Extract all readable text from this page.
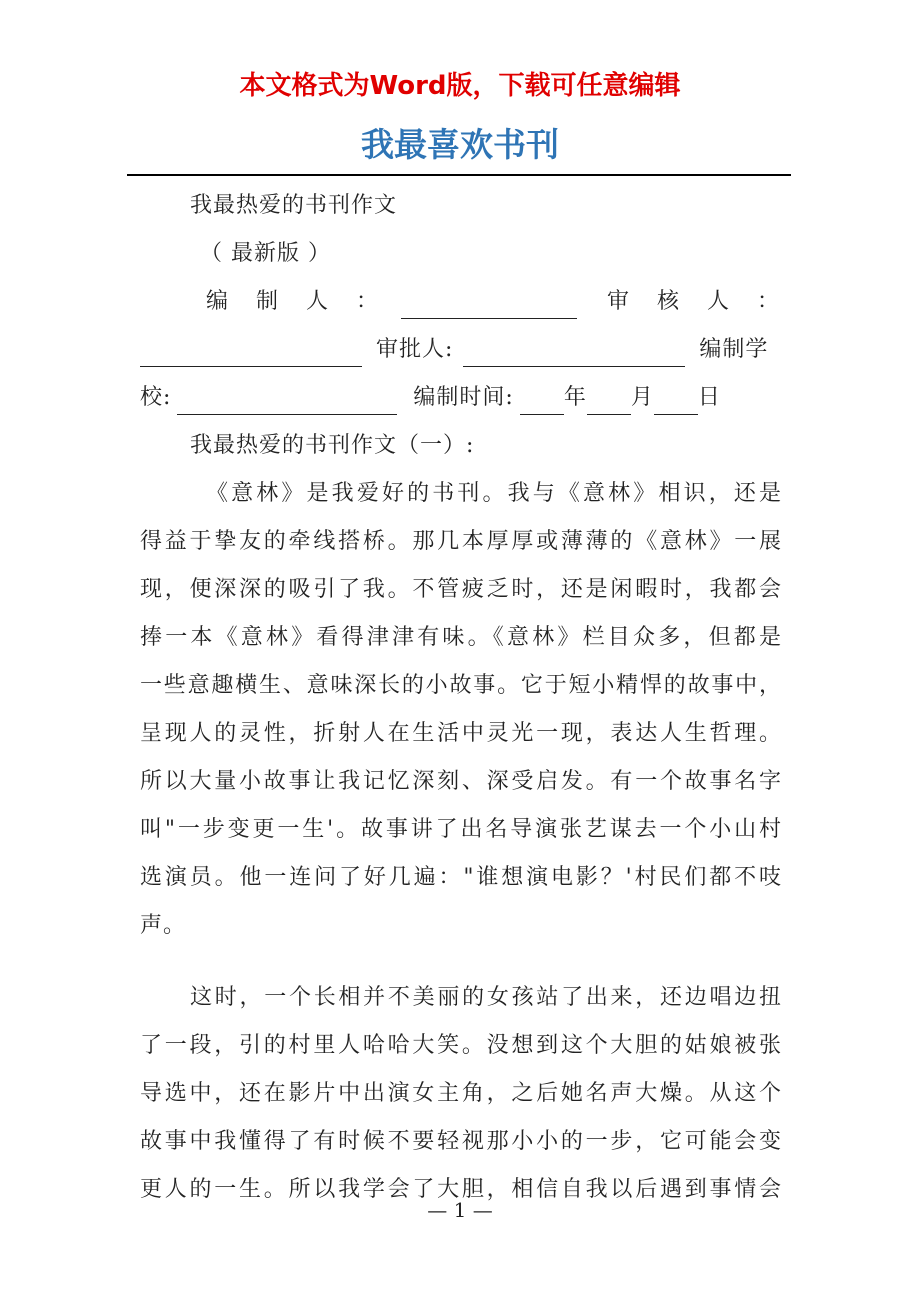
本文格式为Word版，下载可任意编辑
我最喜欢书刊
我最热爱的书刊作文
（ 最新版 ）
编　制　人　：	审　核　人　：
审批人:	编制学
校:	编制时间: 年 月 日
我最热爱的书刊作文（一）:
《意林》是我爱好的书刊。我与《意林》相识，还是
得益于挚友的牵线搭桥。那几本厚厚或薄薄的《意林》一展
现，便深深的吸引了我。不管疲乏时，还是闲暇时，我都会
捧一本《意林》看得津津有味。《意林》栏目众多，但都是
一些意趣横生、意味深长的小故事。它于短小精悍的故事中，
呈现人的灵性，折射人在生活中灵光一现，表达人生哲理。
所以大量小故事让我记忆深刻、深受启发。有一个故事名字
叫"一步变更一生'。故事讲了出名导演张艺谋去一个小山村
选演员。他一连问了好几遍："谁想演电影？'村民们都不吱
声。
这时，一个长相并不美丽的女孩站了出来，还边唱边扭
了一段，引的村里人哈哈大笑。没想到这个大胆的姑娘被张
导选中，还在影片中出演女主角，之后她名声大燥。从这个
故事中我懂得了有时候不要轻视那小小的一步，它可能会变
更人的一生。所以我学会了大胆，相信自我以后遇到事情会
— 1 —
